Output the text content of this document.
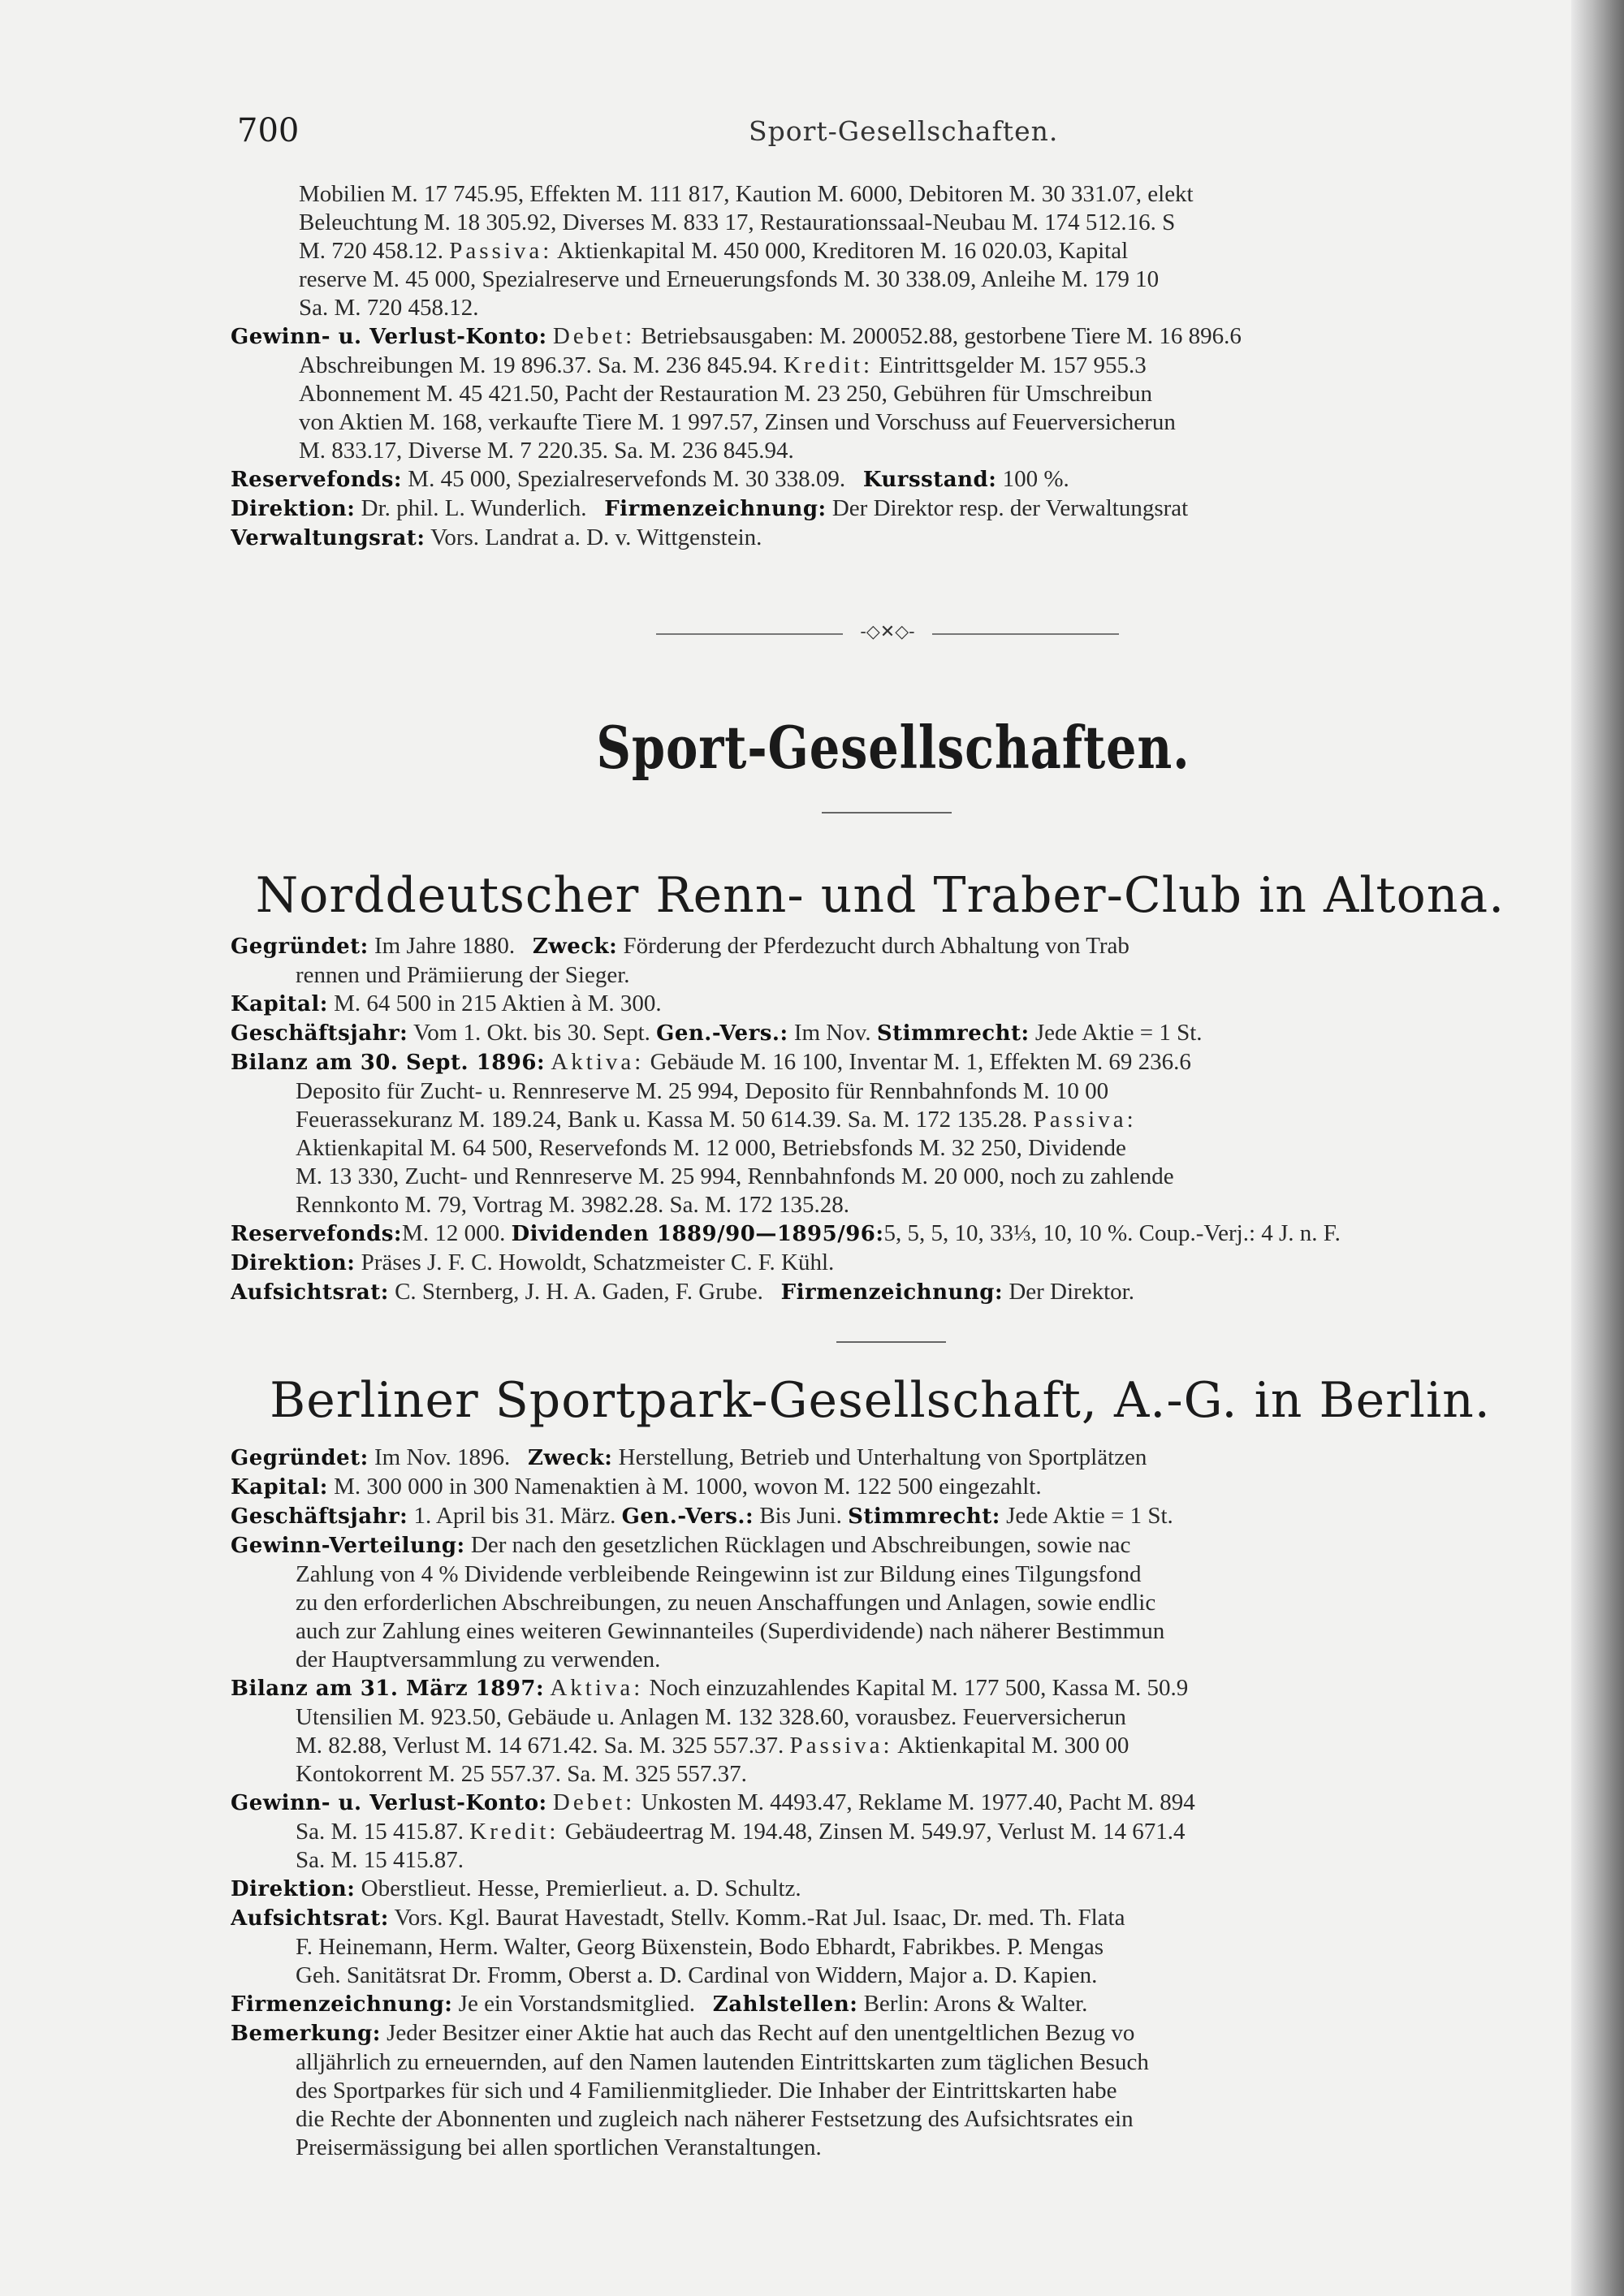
700	Sport-Gesellschaften.

Mobilien M. 17 745.95, Effekten M. 111 817, Kaution M. 6000, Debitoren M. 30 331.07, elekt

Beleuchtung M. 18 305.92, Diverses M. 833 17, Restaurationssaal-Neubau M. 174 512.16. S

M. 720 458.12. Passiva: Aktienkapital M. 450 000, Kreditoren M. 16 020.03, Kapital

reserve M. 45 000, Spezialreserve und Erneuerungsfonds M. 30 338.09, Anleihe M. 179 10

Sa. M. 720 458.12.

Gewinn- u. Verlust-Konto: Debet: Betriebsausgaben: M. 200052.88, gestorbene Tiere M. 16 896.6

Abschreibungen M. 19 896.37. Sa. M. 236 845.94. Kredit: Eintrittsgelder M. 157 955.3

Abonnement M. 45 421.50, Pacht der Restauration M. 23 250, Gebühren für Umschreibun

von Aktien M. 168, verkaufte Tiere M. 1 997.57, Zinsen und Vorschuss auf Feuerversicherun

M. 833.17, Diverse M. 7 220.35. Sa. M. 236 845.94.

Reservefonds: M. 45 000, Spezialreservefonds M. 30 338.09. Kursstand: 100 %.

Direktion: Dr. phil. L. Wunderlich. Firmenzeichnung: Der Direktor resp. der Verwaltungsrat

Verwaltungsrat: Vors. Landrat a. D. v. Wittgenstein.

-◇✕◇-
Sport-Gesellschaften.
Norddeutscher Renn- und Traber-Club in Altona.

Gegründet: Im Jahre 1880. Zweck: Förderung der Pferdezucht durch Abhaltung von Trab

rennen und Prämiierung der Sieger.

Kapital: M. 64 500 in 215 Aktien à M. 300.

Geschäftsjahr: Vom 1. Okt. bis 30. Sept. Gen.-Vers.: Im Nov. Stimmrecht: Jede Aktie = 1 St.

Bilanz am 30. Sept. 1896: Aktiva: Gebäude M. 16 100, Inventar M. 1, Effekten M. 69 236.6

Deposito für Zucht- u. Rennreserve M. 25 994, Deposito für Rennbahnfonds M. 10 00

Feuerassekuranz M. 189.24, Bank u. Kassa M. 50 614.39. Sa. M. 172 135.28. Passiva:

Aktienkapital M. 64 500, Reservefonds M. 12 000, Betriebsfonds M. 32 250, Dividende

M. 13 330, Zucht- und Rennreserve M. 25 994, Rennbahnfonds M. 20 000, noch zu zahlende

Rennkonto M. 79, Vortrag M. 3982.28. Sa. M. 172 135.28.

Reservefonds:M. 12 000. Dividenden 1889/90—1895/96:5, 5, 5, 10, 33⅓, 10, 10 %. Coup.-Verj.: 4 J. n. F.

Direktion: Präses J. F. C. Howoldt, Schatzmeister C. F. Kühl.

Aufsichtsrat: C. Sternberg, J. H. A. Gaden, F. Grube. Firmenzeichnung: Der Direktor.

Berliner Sportpark-Gesellschaft, A.-G. in Berlin.

Gegründet: Im Nov. 1896. Zweck: Herstellung, Betrieb und Unterhaltung von Sportplätzen

Kapital: M. 300 000 in 300 Namenaktien à M. 1000, wovon M. 122 500 eingezahlt.

Geschäftsjahr: 1. April bis 31. März. Gen.-Vers.: Bis Juni. Stimmrecht: Jede Aktie = 1 St.

Gewinn-Verteilung: Der nach den gesetzlichen Rücklagen und Abschreibungen, sowie nac

Zahlung von 4 % Dividende verbleibende Reingewinn ist zur Bildung eines Tilgungsfond

zu den erforderlichen Abschreibungen, zu neuen Anschaffungen und Anlagen, sowie endlic

auch zur Zahlung eines weiteren Gewinnanteiles (Superdividende) nach näherer Bestimmun

der Hauptversammlung zu verwenden.

Bilanz am 31. März 1897: Aktiva: Noch einzuzahlendes Kapital M. 177 500, Kassa M. 50.9

Utensilien M. 923.50, Gebäude u. Anlagen M. 132 328.60, vorausbez. Feuerversicherun

M. 82.88, Verlust M. 14 671.42. Sa. M. 325 557.37. Passiva: Aktienkapital M. 300 00

Kontokorrent M. 25 557.37. Sa. M. 325 557.37.

Gewinn- u. Verlust-Konto: Debet: Unkosten M. 4493.47, Reklame M. 1977.40, Pacht M. 894

Sa. M. 15 415.87. Kredit: Gebäudeertrag M. 194.48, Zinsen M. 549.97, Verlust M. 14 671.4

Sa. M. 15 415.87.

Direktion: Oberstlieut. Hesse, Premierlieut. a. D. Schultz.

Aufsichtsrat: Vors. Kgl. Baurat Havestadt, Stellv. Komm.-Rat Jul. Isaac, Dr. med. Th. Flata

F. Heinemann, Herm. Walter, Georg Büxenstein, Bodo Ebhardt, Fabrikbes. P. Mengas

Geh. Sanitätsrat Dr. Fromm, Oberst a. D. Cardinal von Widdern, Major a. D. Kapien.

Firmenzeichnung: Je ein Vorstandsmitglied. Zahlstellen: Berlin: Arons & Walter.

Bemerkung: Jeder Besitzer einer Aktie hat auch das Recht auf den unentgeltlichen Bezug vo

alljährlich zu erneuernden, auf den Namen lautenden Eintrittskarten zum täglichen Besuch

des Sportparkes für sich und 4 Familienmitglieder. Die Inhaber der Eintrittskarten habe

die Rechte der Abonnenten und zugleich nach näherer Festsetzung des Aufsichtsrates ein

Preisermässigung bei allen sportlichen Veranstaltungen.
